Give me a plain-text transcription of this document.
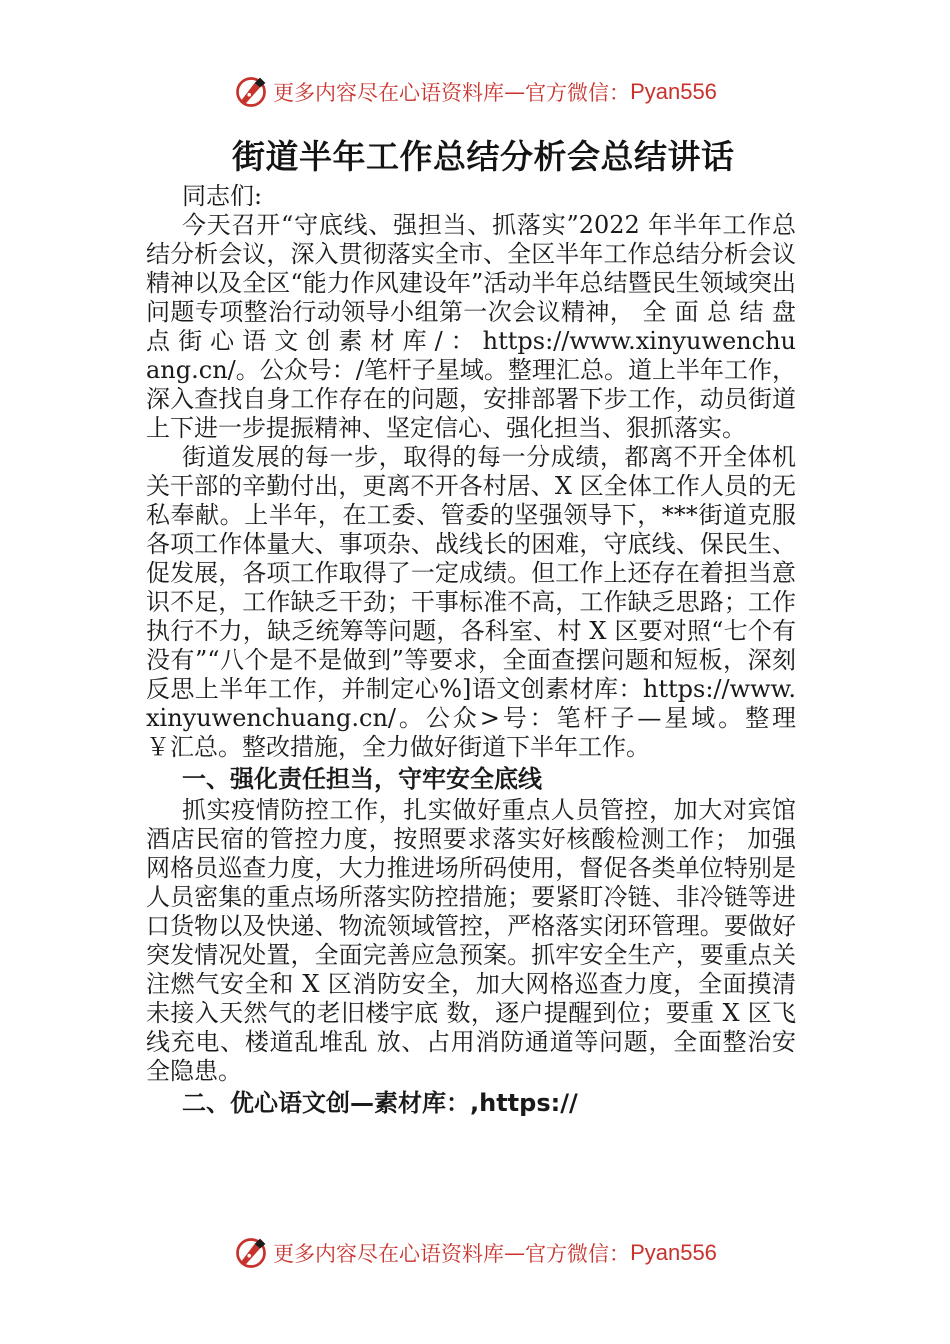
更多内容尽在心语资料库 — 官方微信： Pyan556
街道半年工作总结分析会总结讲话

同志们:

今天召开“守底线、强担当、抓落实”2022 年半年工作总结分析会议，深入贯彻落实全市、全区半年工作总结分析会议精神以及全区“能力作风建设年”活动半年总结暨民生领域突出问题专项整治行动领导小组第一次会议精神， 全 面 总 结 盘 点 街 心 语 文 创 素 材 库 / ： https://www.xinyuwenchuang.cn/。公众号：/笔杆子星域。整理汇总。道上半年工作，深入查找自身工作存在的问题，安排部署下步工作，动员街道上下进一步提振精神、坚定信心、强化担当、狠抓落实。

街道发展的每一步，取得的每一分成绩，都离不开全体机关干部的辛勤付出，更离不开各村居、X 区全体工作人员的无私奉献。上半年，在工委、管委的坚强领导下，***街道克服各项工作体量大、事项杂、战线长的困难，守底线、保民生、促发展，各项工作取得了一定成绩。但工作上还存在着担当意识不足，工作缺乏干劲；干事标准不高，工作缺乏思路；工作执行不力，缺乏统筹等问题，各科室、村 X 区要对照“七个有没有”“八个是不是做到”等要求，全面查摆问题和短板，深刻反思上半年工作，并制定心%]语文创素材库：https://www.xinyuwenchuang.cn/。公众>号：笔杆子—星域。整理￥汇总。整改措施，全力做好街道下半年工作。

一、强化责任担当，守牢安全底线

抓实疫情防控工作，扎实做好重点人员管控，加大对宾馆酒店民宿的管控力度，按照要求落实好核酸检测工作； 加强网格员巡查力度，大力推进场所码使用，督促各类单位特别是人员密集的重点场所落实防控措施；要紧盯冷链、非冷链等进口货物以及快递、物流领域管控，严格落实闭环管理。要做好突发情况处置，全面完善应急预案。抓牢安全生产，要重点关注燃气安全和 X 区消防安全，加大网格巡查力度，全面摸清未接入天然气的老旧楼宇底 数，逐户提醒到位；要重 X 区飞线充电、楼道乱堆乱 放、占用消防通道等问题，全面整治安全隐患。

二、优心语文创—素材库：,https://

更多内容尽在心语资料库 — 官方微信： Pyan556
